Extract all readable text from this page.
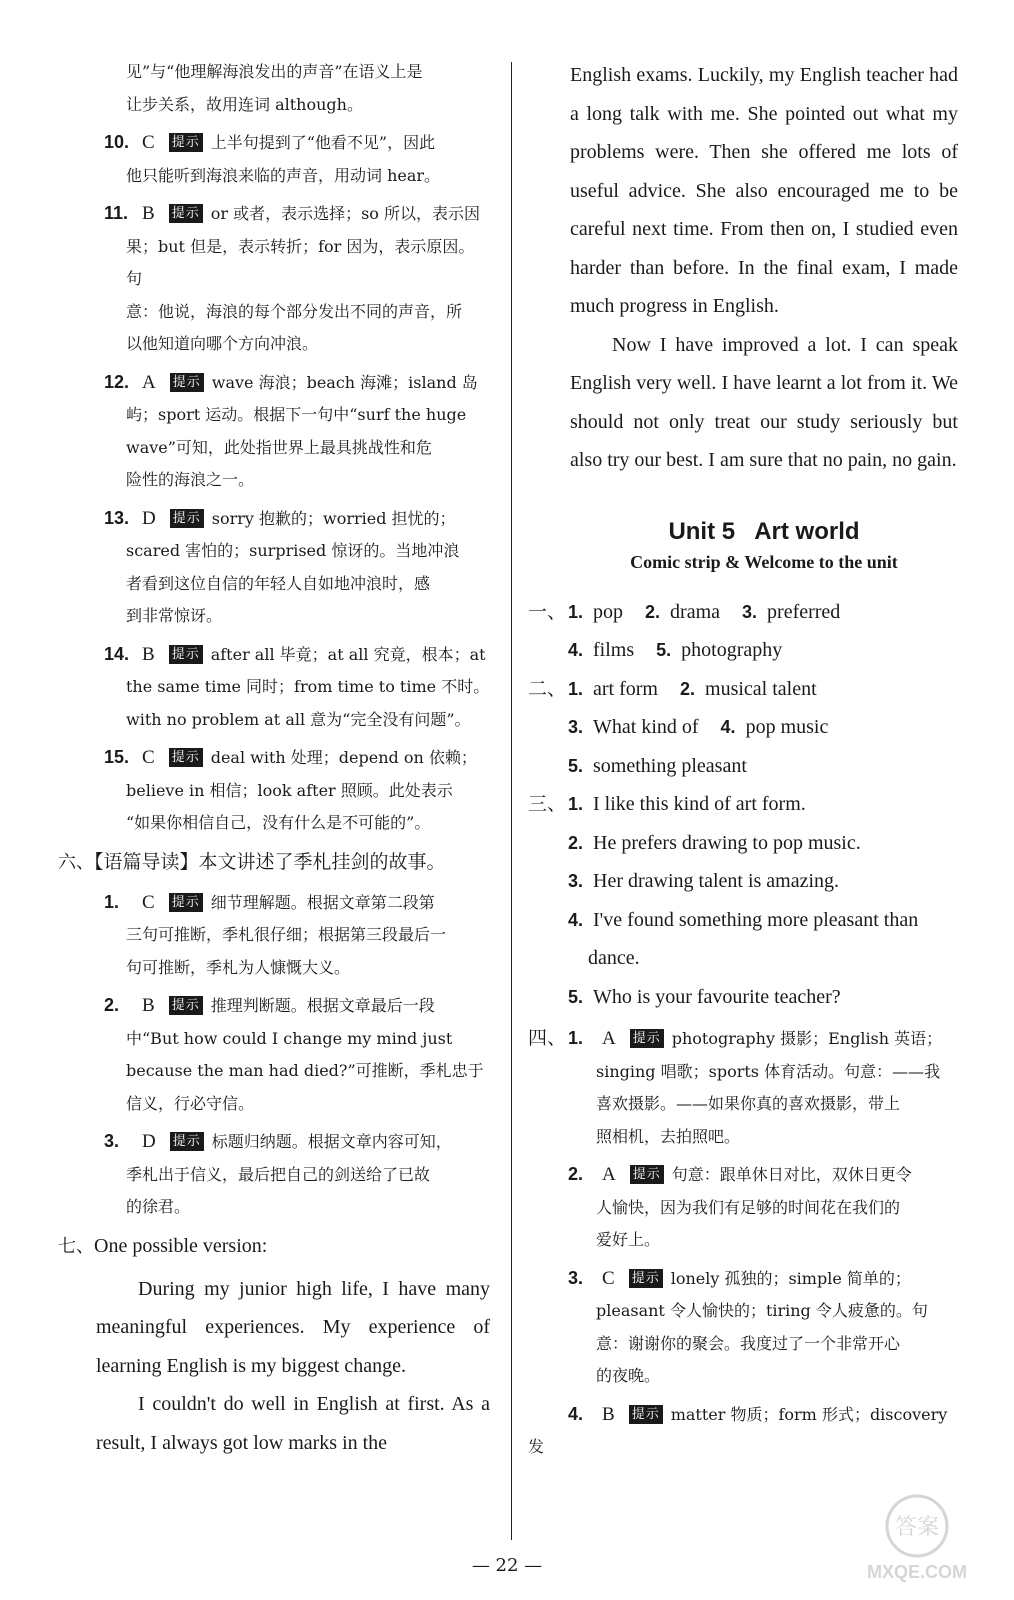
见”与“他理解海浪发出的声音”在语义上是
让步关系，故用连词 although。
10. C 提示 上半句提到了“他看不见”，因此
他只能听到海浪来临的声音，用动词 hear。
11. B 提示 or 或者，表示选择；so 所以，表示因
果；but 但是，表示转折；for 因为，表示原因。句
意：他说，海浪的每个部分发出不同的声音，所
以他知道向哪个方向冲浪。
12. A 提示 wave 海浪；beach 海滩；island 岛
屿；sport 运动。根据下一句中“surf the huge
wave”可知，此处指世界上最具挑战性和危
险性的海浪之一。
13. D 提示 sorry 抱歉的；worried 担忧的；
scared 害怕的；surprised 惊讶的。当地冲浪
者看到这位自信的年轻人自如地冲浪时，感
到非常惊讶。
14. B 提示 after all 毕竟；at all 究竟，根本；at
the same time 同时；from time to time 不时。
with no problem at all 意为“完全没有问题”。
15. C 提示 deal with 处理；depend on 依赖；
believe in 相信；look after 照顾。此处表示
“如果你相信自己，没有什么是不可能的”。
六、【语篇导读】本文讲述了季札挂剑的故事。
1. C 提示 细节理解题。根据文章第二段第
三句可推断，季札很仔细；根据第三段最后一
句可推断，季札为人慷慨大义。
2. B 提示 推理判断题。根据文章最后一段
中“But how could I change my mind just
because the man had died?”可推断，季札忠于
信义，行必守信。
3. D 提示 标题归纳题。根据文章内容可知，
季札出于信义，最后把自己的剑送给了已故
的徐君。
七、One possible version:

During my junior high life, I have many meaningful experiences. My experience of learning English is my biggest change.

I couldn't do well in English at first. As a result, I always got low marks in the

English exams. Luckily, my English teacher had a long talk with me. She pointed out what my problems were. Then she offered me lots of useful advice. She also encouraged me to be careful next time. From then on, I studied even harder than before. In the final exam, I made much progress in English.

Now I have improved a lot. I can speak English very well. I have learnt a lot from it. We should not only treat our study seriously but also try our best. I am sure that no pain, no gain.

Unit 5   Art world
Comic strip & Welcome to the unit
一、 1. pop 2. drama 3. preferred
4. films 5. photography
二、 1. art form 2. musical talent
3. What kind of 4. pop music
5. something pleasant
三、 1. I like this kind of art form.
2. He prefers drawing to pop music.
3. Her drawing talent is amazing.
4. I've found something more pleasant than
dance.
5. Who is your favourite teacher?
四、 1. A 提示 photography 摄影；English 英语；
singing 唱歌；sports 体育活动。句意：——我
喜欢摄影。——如果你真的喜欢摄影，带上
照相机，去拍照吧。
2. A 提示 句意：跟单休日对比，双休日更令
人愉快，因为我们有足够的时间花在我们的
爱好上。
3. C 提示 lonely 孤独的；simple 简单的；
pleasant 令人愉快的；tiring 令人疲惫的。句
意：谢谢你的聚会。我度过了一个非常开心
的夜晚。
4. B 提示 matter 物质；form 形式；discovery 发
— 22 —
答案
MXQE.COM
